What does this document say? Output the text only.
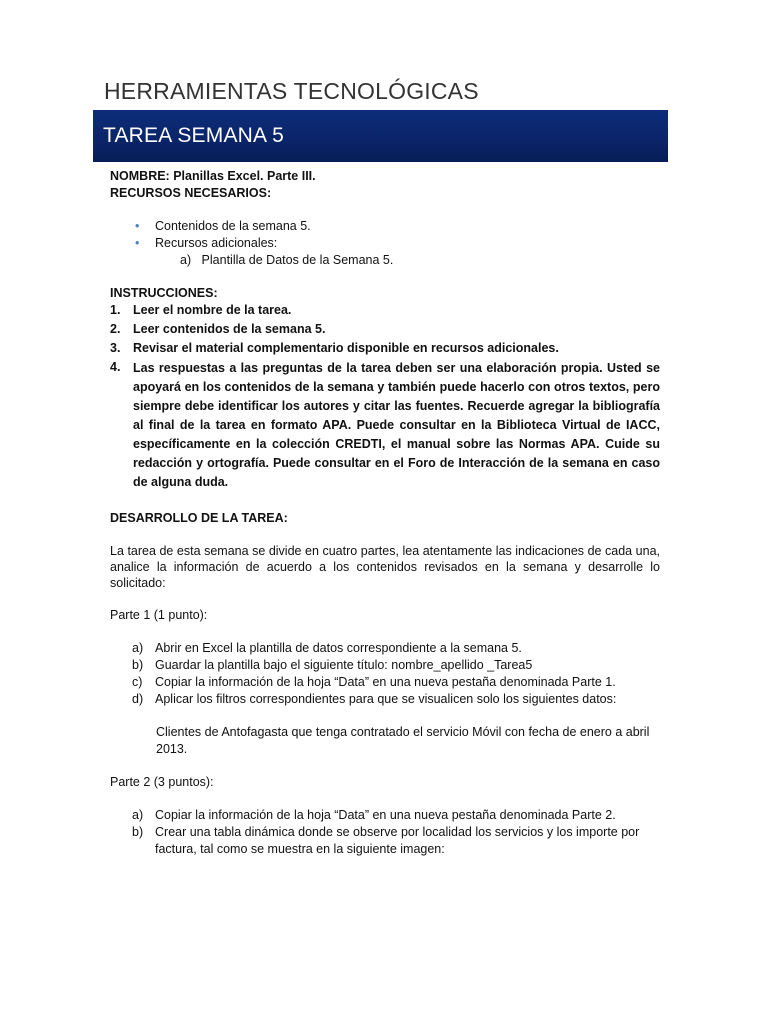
HERRAMIENTAS TECNOLÓGICAS
TAREA SEMANA 5
NOMBRE: Planillas Excel. Parte III.
RECURSOS NECESARIOS:
• Contenidos de la semana 5.
• Recursos adicionales:
a) Plantilla de Datos de la Semana 5.
INSTRUCCIONES:
1.	Leer el nombre de la tarea.
2.	Leer contenidos de la semana 5.
3.	Revisar el material complementario disponible en recursos adicionales.
4.	Las respuestas a las preguntas de la tarea deben ser una elaboración propia. Usted se apoyará en los contenidos de la semana y también puede hacerlo con otros textos, pero siempre debe identificar los autores y citar las fuentes. Recuerde agregar la bibliografía al final de la tarea en formato APA. Puede consultar en la Biblioteca Virtual de IACC, específicamente en la colección CREDTI, el manual sobre las Normas APA. Cuide su redacción y ortografía. Puede consultar en el Foro de Interacción de la semana en caso de alguna duda.
DESARROLLO DE LA TAREA:
La tarea de esta semana se divide en cuatro partes, lea atentamente las indicaciones de cada una, analice la información de acuerdo a los contenidos revisados en la semana y desarrolle lo solicitado:
Parte 1 (1 punto):
a) Abrir en Excel la plantilla de datos correspondiente a la semana 5.
b) Guardar la plantilla bajo el siguiente título: nombre_apellido _Tarea5
c)	Copiar la información de la hoja “Data” en una nueva pestaña denominada Parte 1.
d) Aplicar los filtros correspondientes para que se visualicen solo los siguientes datos:
Clientes de Antofagasta que tenga contratado el servicio Móvil con fecha de enero a abril 2013.
Parte 2 (3 puntos):
a) Copiar la información de la hoja “Data” en una nueva pestaña denominada Parte 2.
b) Crear una tabla dinámica donde se observe por localidad los servicios y los importe por factura, tal como se muestra en la siguiente imagen:
